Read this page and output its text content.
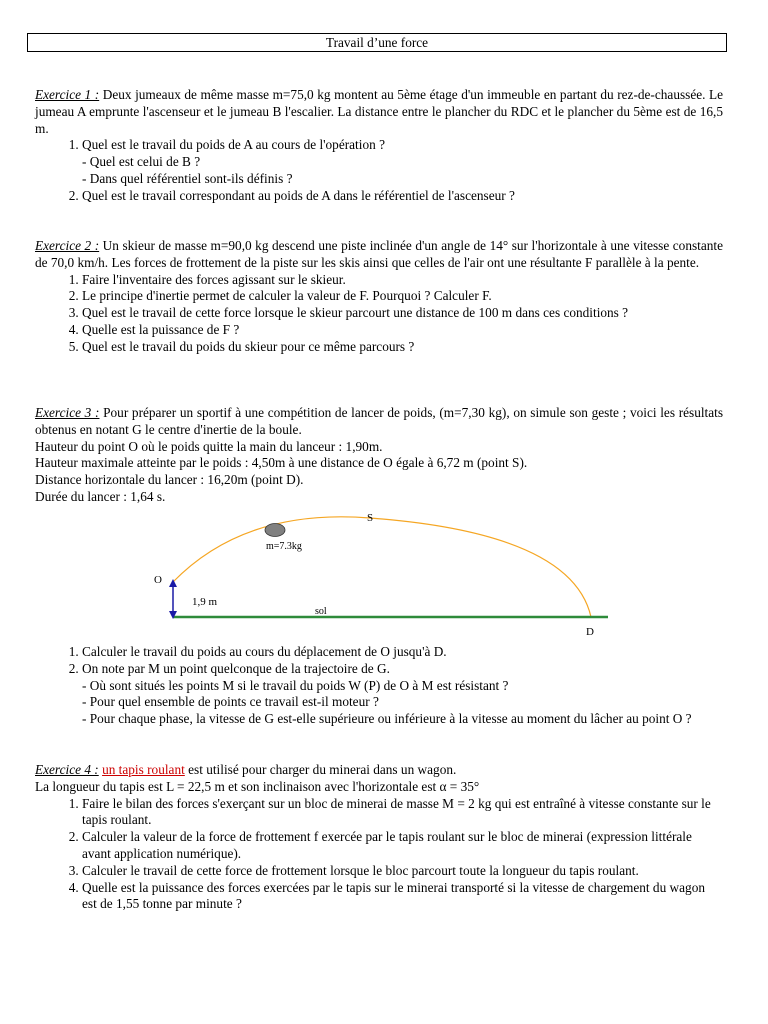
Travail d’une force

Exercice 1 : Deux jumeaux de même masse m=75,0 kg montent au 5ème étage d'un immeuble en partant du rez-de-chaussée. Le jumeau A emprunte l'ascenseur et le jumeau B l'escalier. La distance entre le plancher du RDC et le plancher du 5ème est de 16,5 m.

1. Quel est le travail du poids de A au cours de l'opération ?
- Quel est celui de B ?
- Dans quel référentiel sont-ils définis ?
2. Quel est le travail correspondant au poids de A dans le référentiel de l'ascenseur ?

Exercice 2 : Un skieur de masse m=90,0 kg descend une piste inclinée d'un angle de 14° sur l'horizontale à une vitesse constante de 70,0 km/h. Les forces de frottement de la piste sur les skis ainsi que celles de l'air ont une résultante F parallèle à la pente.

1. Faire l'inventaire des forces agissant sur le skieur.
2. Le principe d'inertie permet de calculer la valeur de F. Pourquoi ? Calculer F.
3. Quel est le travail de cette force lorsque le skieur parcourt une distance de 100 m dans ces conditions ?
4. Quelle est la puissance de F ?
5. Quel est le travail du poids du skieur pour ce même parcours ?

Exercice 3 : Pour préparer un sportif à une compétition de lancer de poids, (m=7,30 kg), on simule son geste ; voici les résultats obtenus en notant G le centre d'inertie de la boule.

Hauteur du point O où le poids quitte la main du lanceur : 1,90m.

Hauteur maximale atteinte par le poids : 4,50m à une distance de O égale à 6,72 m (point S).

Distance horizontale du lancer : 16,20m (point D).

Durée du lancer : 1,64 s.

S
m=7.3kg
O
1,9 m
sol
D
1. Calculer le travail du poids au cours du déplacement de O jusqu'à D.
2. On note par M un point quelconque de la trajectoire de G.
- Où sont situés les points M si le travail du poids W (P) de O à M est résistant ?
- Pour quel ensemble de points ce travail est-il moteur ?
- Pour chaque phase, la vitesse de G est-elle supérieure ou inférieure à la vitesse au moment du lâcher au point O ?

Exercice 4 : un tapis roulant est utilisé pour charger du minerai dans un wagon.

La longueur du tapis est L = 22,5 m et son inclinaison avec l'horizontale est α = 35°

1. Faire le bilan des forces s'exerçant sur un bloc de minerai de masse M = 2 kg qui est entraîné à vitesse constante sur le tapis roulant.
2. Calculer la valeur de la force de frottement f exercée par le tapis roulant sur le bloc de minerai (expression littérale avant application numérique).
3. Calculer le travail de cette force de frottement lorsque le bloc parcourt toute la longueur du tapis roulant.
4. Quelle est la puissance des forces exercées par le tapis sur le minerai transporté si la vitesse de chargement du wagon est de 1,55 tonne par minute ?
